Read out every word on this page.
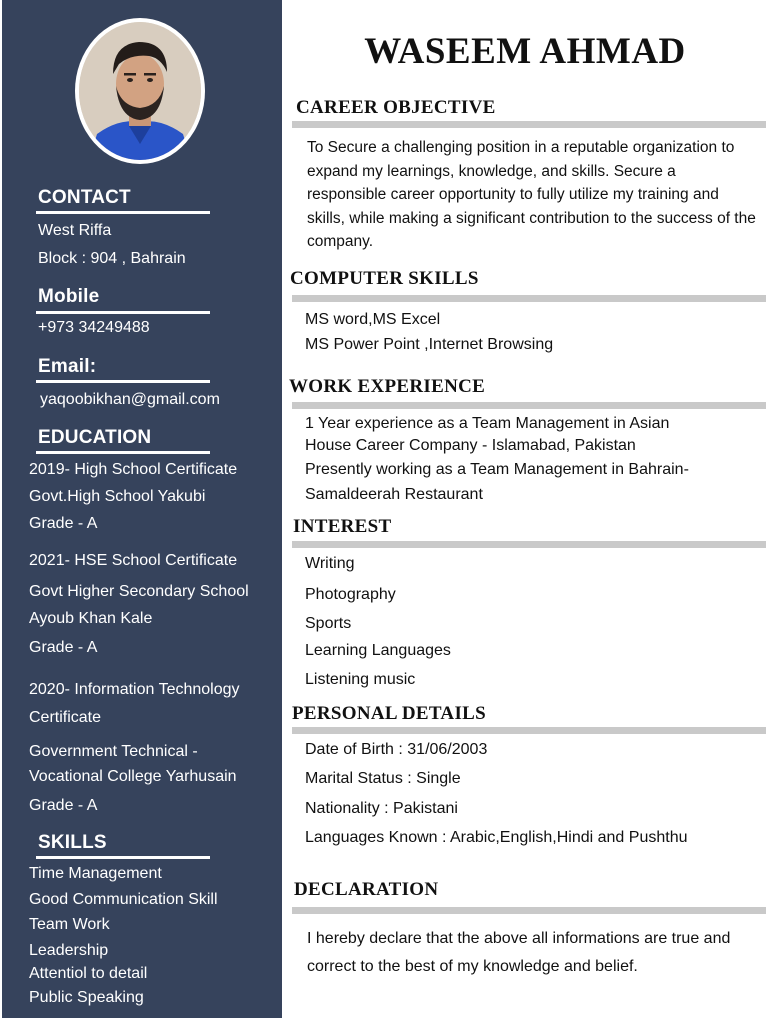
CONTACT
West Riffa
Block : 904 , Bahrain
Mobile
+973 34249488
Email:
yaqoobikhan@gmail.com
EDUCATION
2019- High School Certificate
Govt.High School Yakubi
Grade - A
2021- HSE School Certificate
Govt Higher Secondary School
Ayoub Khan Kale
Grade - A
2020- Information Technology
Certificate
Government Technical -
Vocational College Yarhusain
Grade - A
SKILLS
Time Management
Good Communication Skill
Team Work
Leadership
Attentiol to detail
Public Speaking
WASEEM AHMAD
CAREER OBJECTIVE
To Secure a challenging position in a reputable organization to expand my learnings, knowledge, and skills. Secure a responsible career opportunity to fully utilize my training and skills, while making a significant contribution to the success of the company.
COMPUTER SKILLS
MS word,MS Excel
MS Power Point ,Internet Browsing
WORK EXPERIENCE
1 Year experience as a Team Management in Asian
House Career Company - Islamabad, Pakistan
Presently working as a Team Management in Bahrain-
Samaldeerah Restaurant
INTEREST
Writing
Photography
Sports
Learning Languages
Listening music
PERSONAL DETAILS
Date of Birth : 31/06/2003
Marital Status : Single
Nationality : Pakistani
Languages Known : Arabic,English,Hindi and Pushthu
DECLARATION
I hereby declare that the above all informations are true and correct to the best of my knowledge and belief.
